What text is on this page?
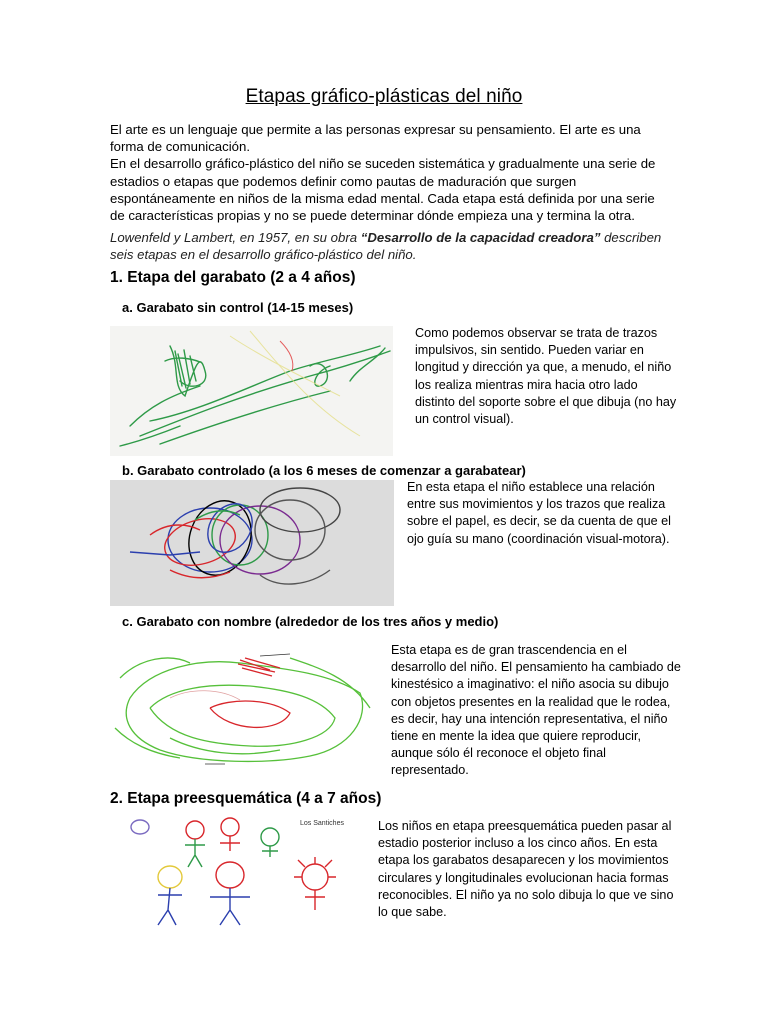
Etapas gráfico-plásticas del niño

El arte es un lenguaje que permite a las personas expresar su pensamiento. El arte es una forma de comunicación.

En el desarrollo gráfico-plástico del niño se suceden sistemática y gradualmente una serie de estadios o etapas que podemos definir como pautas de maduración que surgen espontáneamente en niños de la misma edad mental. Cada etapa está definida por una serie de características propias y no se puede determinar dónde empieza una y termina la otra.

Lowenfeld y Lambert, en 1957, en su obra “Desarrollo de la capacidad creadora” describen seis etapas en el desarrollo gráfico-plástico del niño.
1. Etapa del garabato (2 a 4 años)
a. Garabato sin control (14-15 meses)
Como podemos observar se trata de trazos impulsivos, sin sentido. Pueden variar en longitud y dirección ya que, a menudo, el niño los realiza mientras mira hacia otro lado distinto del soporte sobre el que dibuja (no hay un control visual).
b. Garabato controlado (a los 6 meses de comenzar a garabatear)
En esta etapa el niño establece una relación entre sus movimientos y los trazos que realiza sobre el papel, es decir, se da cuenta de que el ojo guía su mano (coordinación visual-motora).
c. Garabato con nombre (alrededor de los tres años y medio)
Esta etapa es de gran trascendencia en el desarrollo del niño. El pensamiento ha cambiado de kinestésico a imaginativo: el niño asocia su dibujo con objetos presentes en la realidad que le rodea, es decir, hay una intención representativa, el niño tiene en mente la idea que quiere reproducir, aunque sólo él reconoce el objeto final representado.
2. Etapa preesquemática (4 a 7 años)
Los Santiches	Los niños en etapa preesquemática pueden pasar al estadio posterior incluso a los cinco años. En esta etapa los garabatos desaparecen y los movimientos circulares y longitudinales evolucionan hacia formas reconocibles. El niño ya no solo dibuja lo que ve sino lo que sabe.
